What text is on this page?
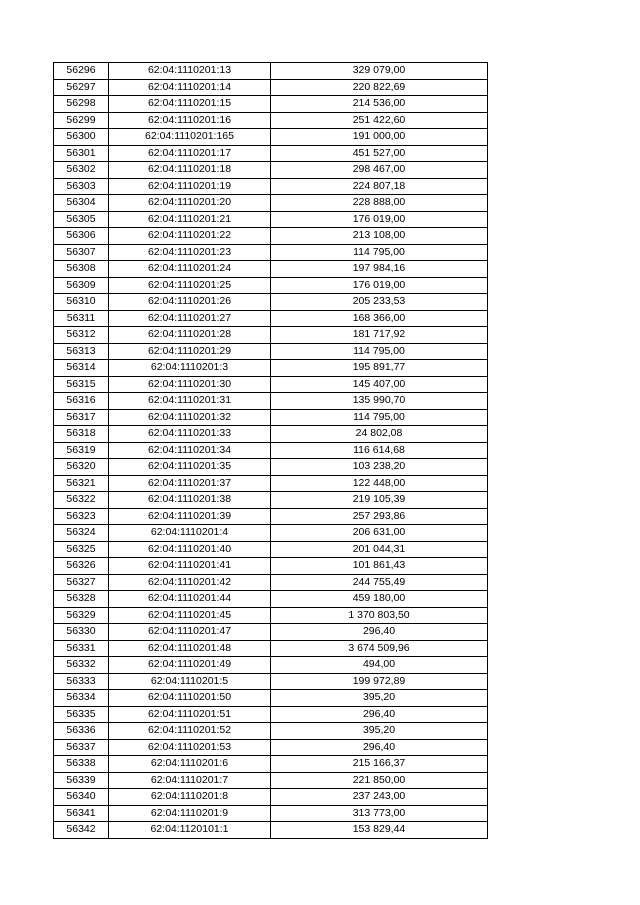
56296	62:04:1110201:13	329 079,00
56297	62:04:1110201:14	220 822,69
56298	62:04:1110201:15	214 536,00
56299	62:04:1110201:16	251 422,60
56300	62:04:1110201:165	191 000,00
56301	62:04:1110201:17	451 527,00
56302	62:04:1110201:18	298 467,00
56303	62:04:1110201:19	224 807,18
56304	62:04:1110201:20	228 888,00
56305	62:04:1110201:21	176 019,00
56306	62:04:1110201:22	213 108,00
56307	62:04:1110201:23	114 795,00
56308	62:04:1110201:24	197 984,16
56309	62:04:1110201:25	176 019,00
56310	62:04:1110201:26	205 233,53
56311	62:04:1110201:27	168 366,00
56312	62:04:1110201:28	181 717,92
56313	62:04:1110201:29	114 795,00
56314	62:04:1110201:3	195 891,77
56315	62:04:1110201:30	145 407,00
56316	62:04:1110201:31	135 990,70
56317	62:04:1110201:32	114 795,00
56318	62:04:1110201:33	24 802,08
56319	62:04:1110201:34	116 614,68
56320	62:04:1110201:35	103 238,20
56321	62:04:1110201:37	122 448,00
56322	62:04:1110201:38	219 105,39
56323	62:04:1110201:39	257 293,86
56324	62:04:1110201:4	206 631,00
56325	62:04:1110201:40	201 044,31
56326	62:04:1110201:41	101 861,43
56327	62:04:1110201:42	244 755,49
56328	62:04:1110201:44	459 180,00
56329	62:04:1110201:45	1 370 803,50
56330	62:04:1110201:47	296,40
56331	62:04:1110201:48	3 674 509,96
56332	62:04:1110201:49	494,00
56333	62:04:1110201:5	199 972,89
56334	62:04:1110201:50	395,20
56335	62:04:1110201:51	296,40
56336	62:04:1110201:52	395,20
56337	62:04:1110201:53	296,40
56338	62:04:1110201:6	215 166,37
56339	62:04:1110201:7	221 850,00
56340	62:04:1110201:8	237 243,00
56341	62:04:1110201:9	313 773,00
56342	62:04:1120101:1	153 829,44
